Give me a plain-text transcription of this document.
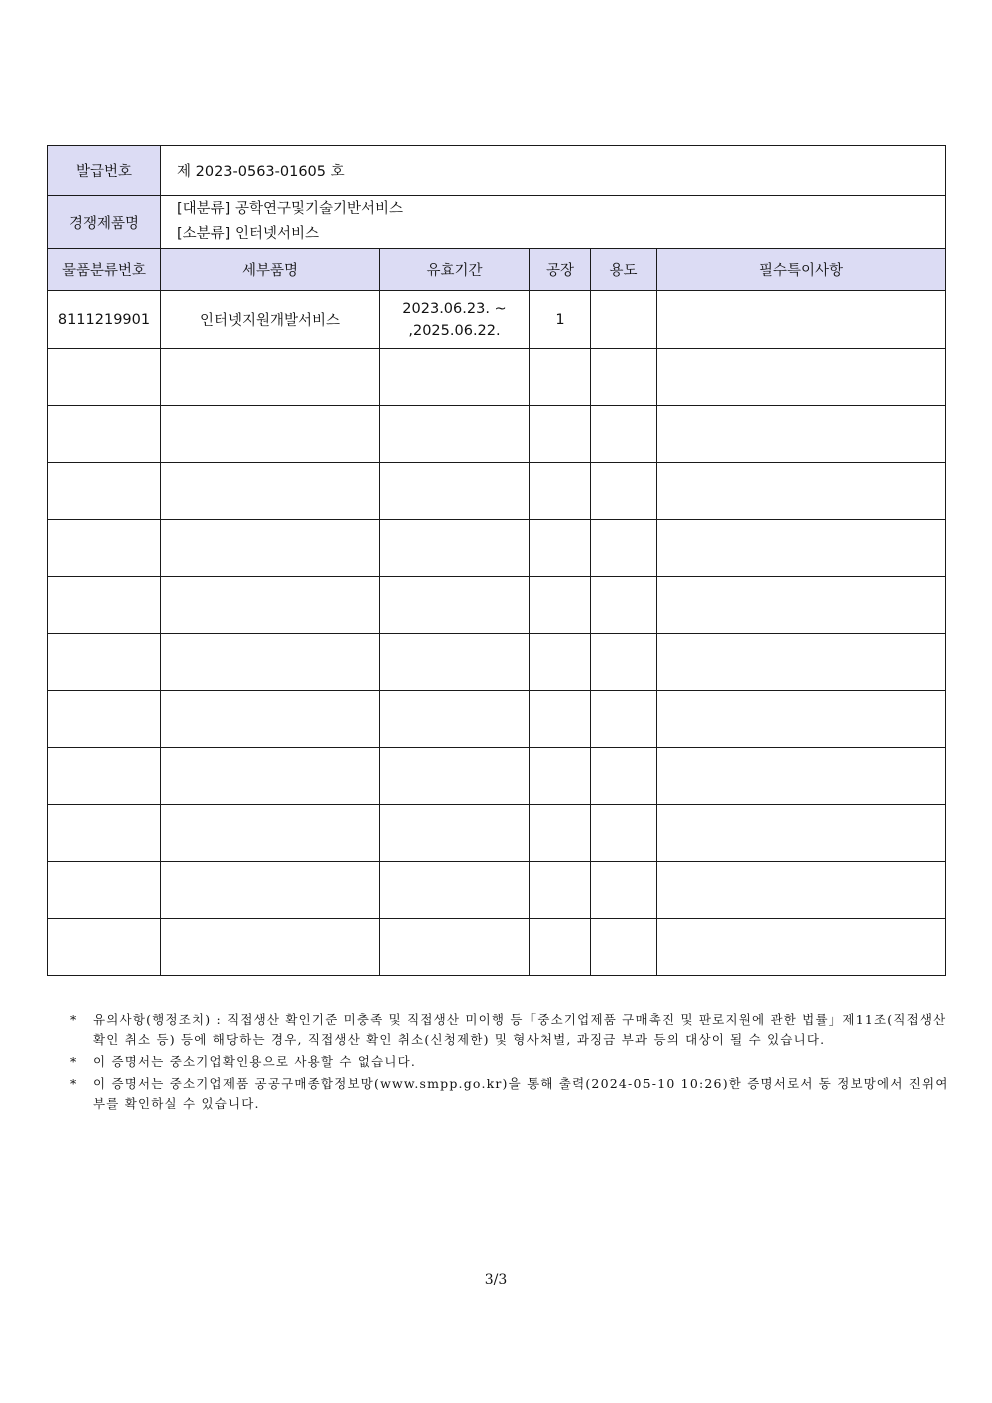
발급번호	제 2023-0563-01605 호				
경쟁제품명	[대분류] 공학연구및기술기반서비스
[소분류] 인터넷서비스				

물품분류번호	세부품명	유효기간	공장	용도	필수특이사항
8111219901	인터넷지원개발서비스	2023.06.23. ~ ,2025.06.22.	1		

* 유의사항(행정조치) : 직접생산 확인기준 미충족 및 직접생산 미이행 등「중소기업제품 구매촉진 및 판로지원에 관한 법률」제11조(직접생산 확인 취소 등) 등에 해당하는 경우, 직접생산 확인 취소(신청제한) 및 형사처벌, 과징금 부과 등의 대상이 될 수 있습니다.
* 이 증명서는 중소기업확인용으로 사용할 수 없습니다.
* 이 증명서는 중소기업제품 공공구매종합정보망(www.smpp.go.kr)을 통해 출력(2024-05-10 10:26)한 증명서로서 동 정보망에서 진위여부를 확인하실 수 있습니다.
3/3
